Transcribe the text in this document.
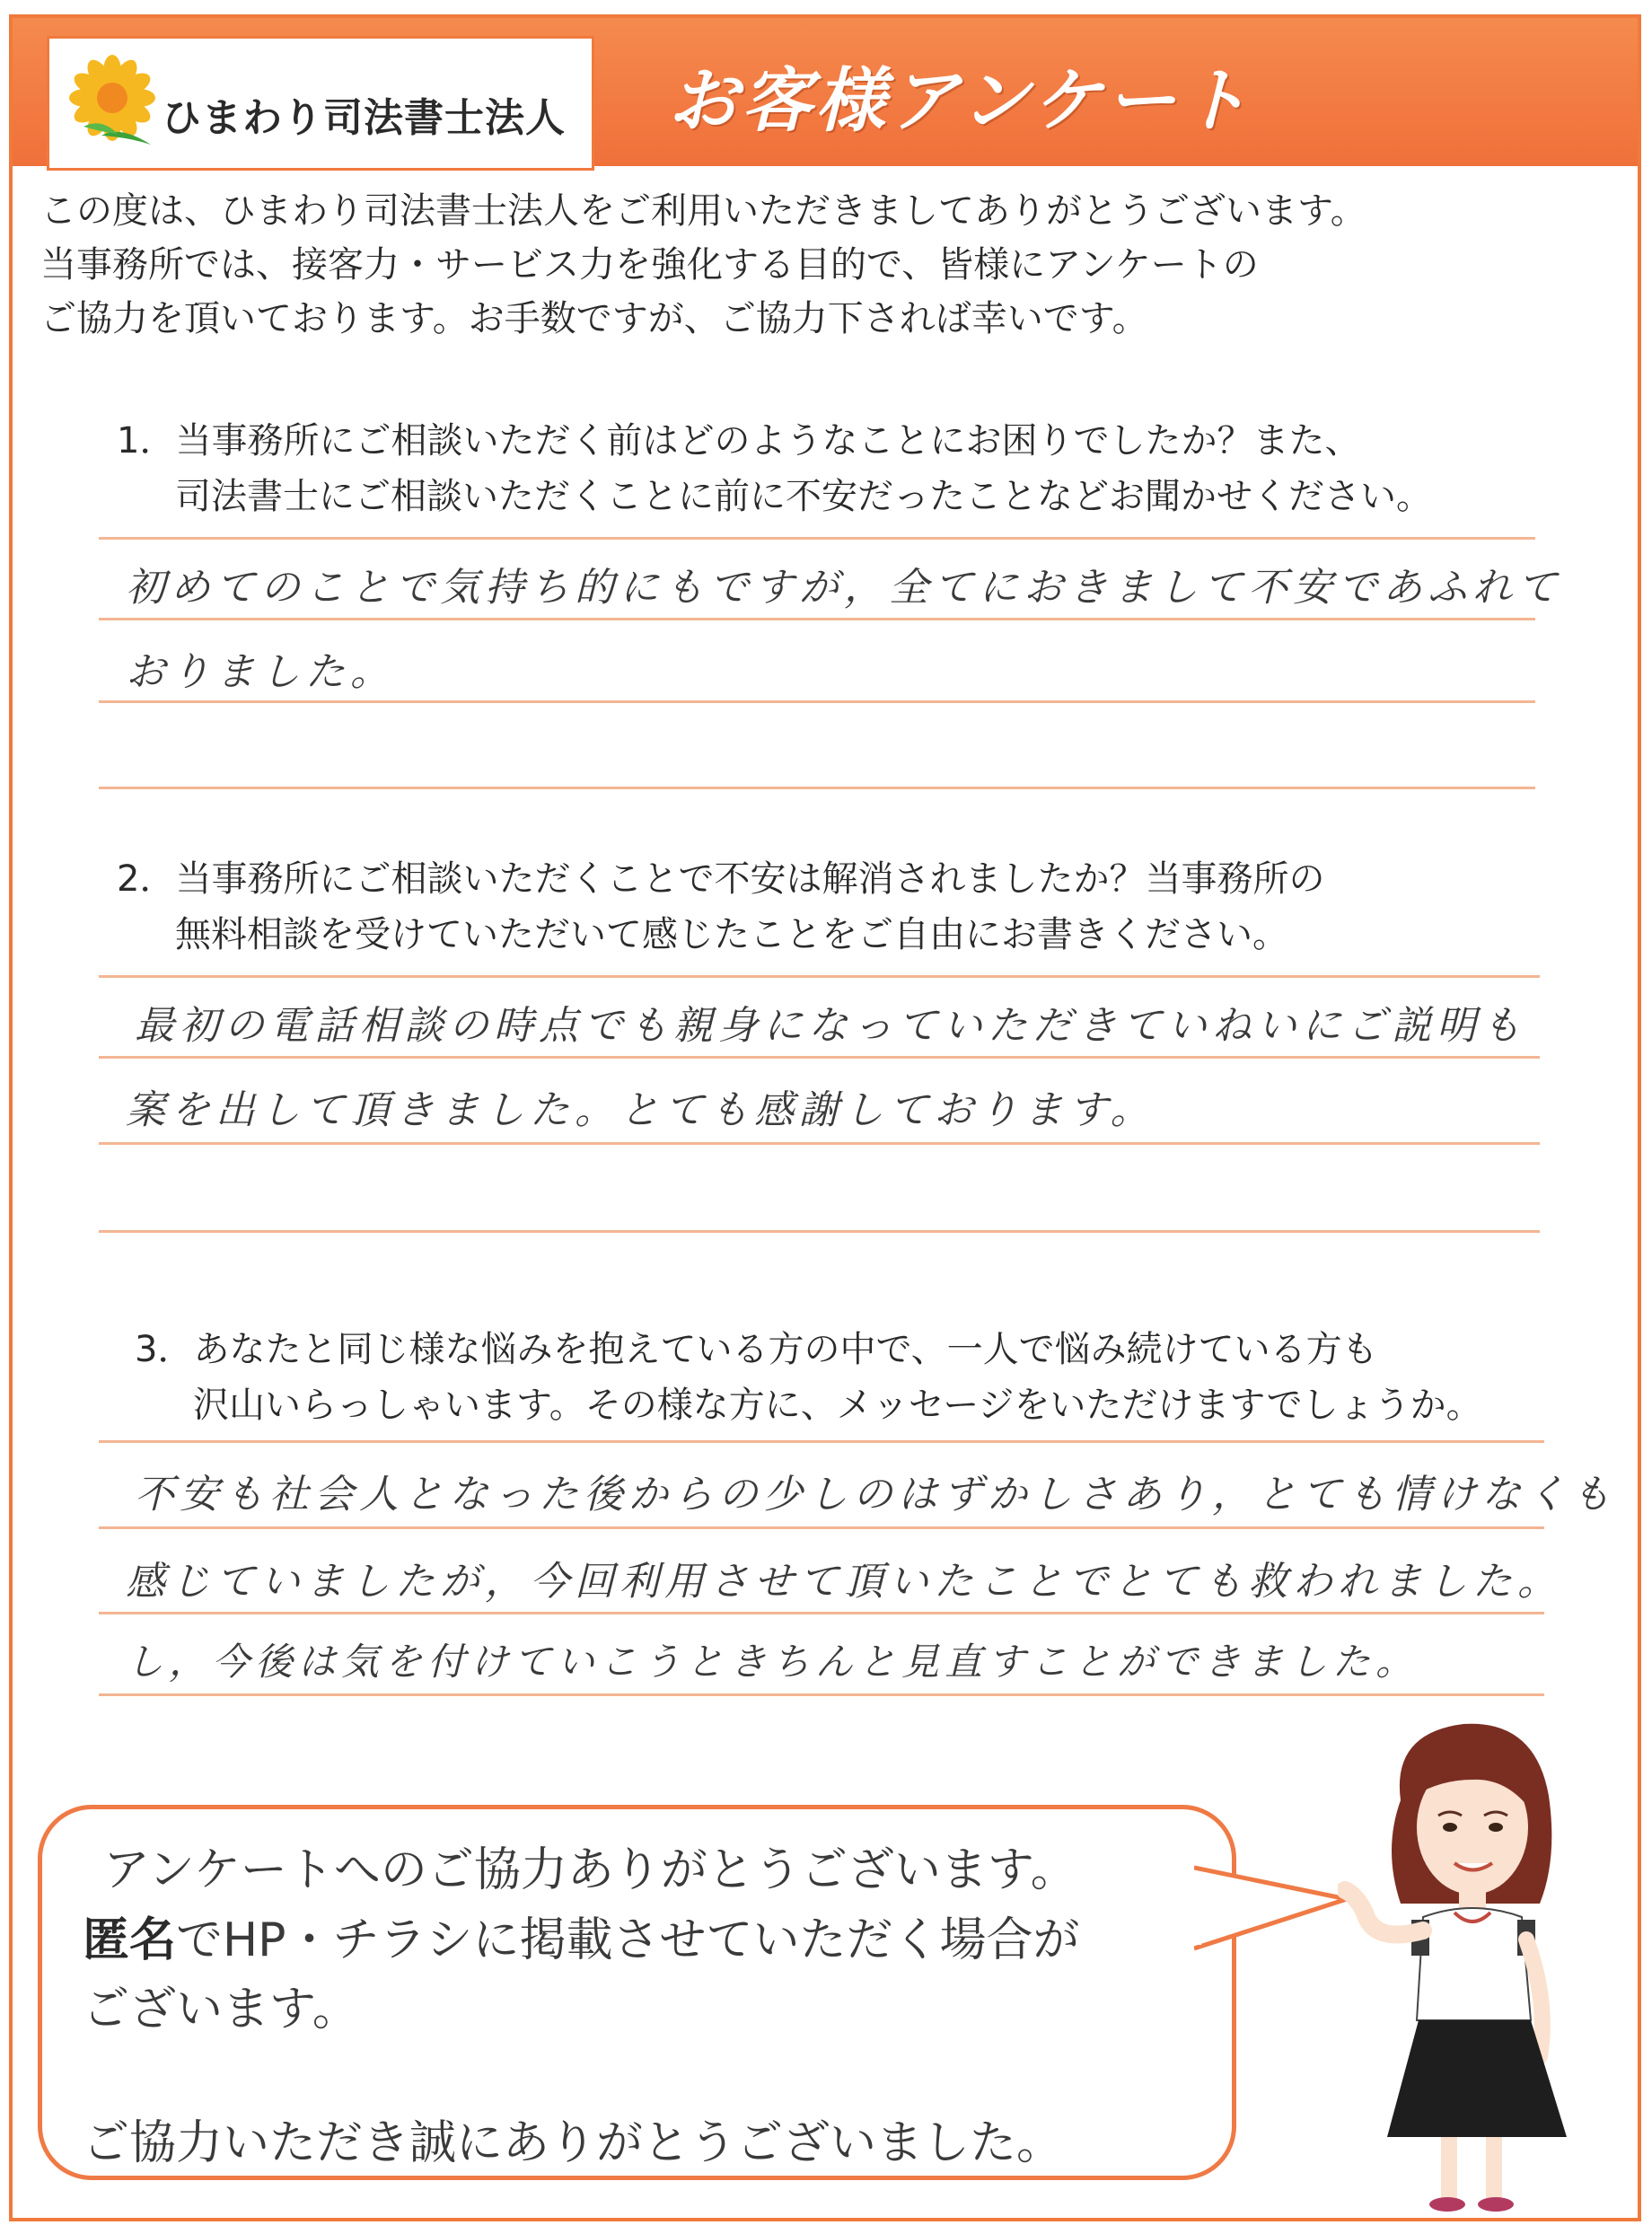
ひまわり司法書士法人 お客様アンケート
この度は、ひまわり司法書士法人をご利用いただきましてありがとうございます。
当事務所では、接客力・サービス力を強化する目的で、皆様にアンケートの
ご協力を頂いております。お手数ですが、ご協力下されば幸いです。
1．当事務所にご相談いただく前はどのようなことにお困りでしたか？また、
司法書士にご相談いただくことに前に不安だったことなどお聞かせください。
初めてのことで気持ち的にもですが，全てにおきまして不安であふれて
おりました。
2．当事務所にご相談いただくことで不安は解消されましたか？当事務所の
無料相談を受けていただいて感じたことをご自由にお書きください。
最初の電話相談の時点でも親身になっていただきていねいにご説明も
案を出して頂きました。とても感謝しております。
3．あなたと同じ様な悩みを抱えている方の中で、一人で悩み続けている方も
沢山いらっしゃいます。その様な方に、メッセージをいただけますでしょうか。
不安も社会人となった後からの少しのはずかしさあり，とても情けなくも
感じていましたが，今回利用させて頂いたことでとても救われました。
し，今後は気を付けていこうときちんと見直すことができました。
アンケートへのご協力ありがとうございます。
匿名でHP・チラシに掲載させていただく場合が
ございます。
ご協力いただき誠にありがとうございました。
